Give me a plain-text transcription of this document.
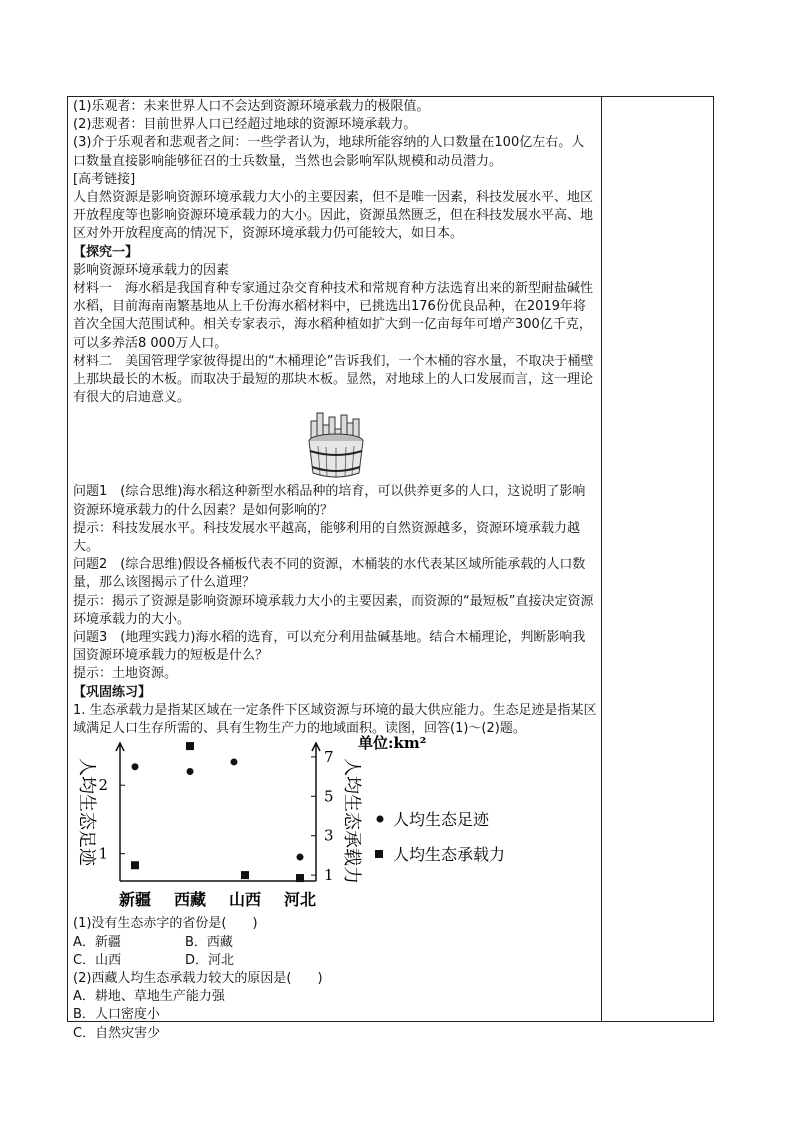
(1)乐观者：未来世界人口不会达到资源环境承载力的极限值。

(2)悲观者：目前世界人口已经超过地球的资源环境承载力。

(3)介于乐观者和悲观者之间：一些学者认为，地球所能容纳的人口数量在100亿左右。人口数量直接影响能够征召的士兵数量，当然也会影响军队规模和动员潜力。

[高考链接]

人自然资源是影响资源环境承载力大小的主要因素，但不是唯一因素，科技发展水平、地区开放程度等也影响资源环境承载力的大小。因此，资源虽然匮乏，但在科技发展水平高、地区对外开放程度高的情况下，资源环境承载力仍可能较大，如日本。

【探究一】

影响资源环境承载力的因素

材料一　海水稻是我国育种专家通过杂交育种技术和常规育种方法选育出来的新型耐盐碱性水稻，目前海南南繁基地从上千份海水稻材料中，已挑选出176份优良品种，在2019年将首次全国大范围试种。相关专家表示，海水稻种植如扩大到一亿亩每年可增产300亿千克，可以多养活8 000万人口。

材料二　美国管理学家彼得提出的“木桶理论”告诉我们，一个木桶的容水量，不取决于桶壁上那块最长的木板。而取决于最短的那块木板。显然，对地球上的人口发展而言，这一理论有很大的启迪意义。

问题1　(综合思维)海水稻这种新型水稻品种的培育，可以供养更多的人口，这说明了影响资源环境承载力的什么因素？是如何影响的？

提示：科技发展水平。科技发展水平越高，能够利用的自然资源越多，资源环境承载力越大。

问题2　(综合思维)假设各桶板代表不同的资源，木桶装的水代表某区域所能承载的人口数量，那么该图揭示了什么道理？

提示：揭示了资源是影响资源环境承载力大小的主要因素，而资源的“最短板”直接决定资源环境承载力的大小。

问题3　(地理实践力)海水稻的选育，可以充分利用盐碱基地。结合木桶理论，判断影响我国资源环境承载力的短板是什么？

提示：土地资源。

【巩固练习】

1. 生态承载力是指某区域在一定条件下区域资源与环境的最大供应能力。生态足迹是指某区域满足人口生存所需的、具有生物生产力的地域面积。读图，回答(1)～(2)题。

(1)没有生态赤字的省份是(　　)

A．新疆	B．西藏

C．山西	D．河北

(2)西藏人均生态承载力较大的原因是(　　)

A．耕地、草地生产能力强

B．人口密度小

C．自然灾害少

单位:km²
人均生态足迹	人均生态承载力
1
2
1
3
5
7
新疆 西藏 山西 河北
人均生态足迹
人均生态承载力
